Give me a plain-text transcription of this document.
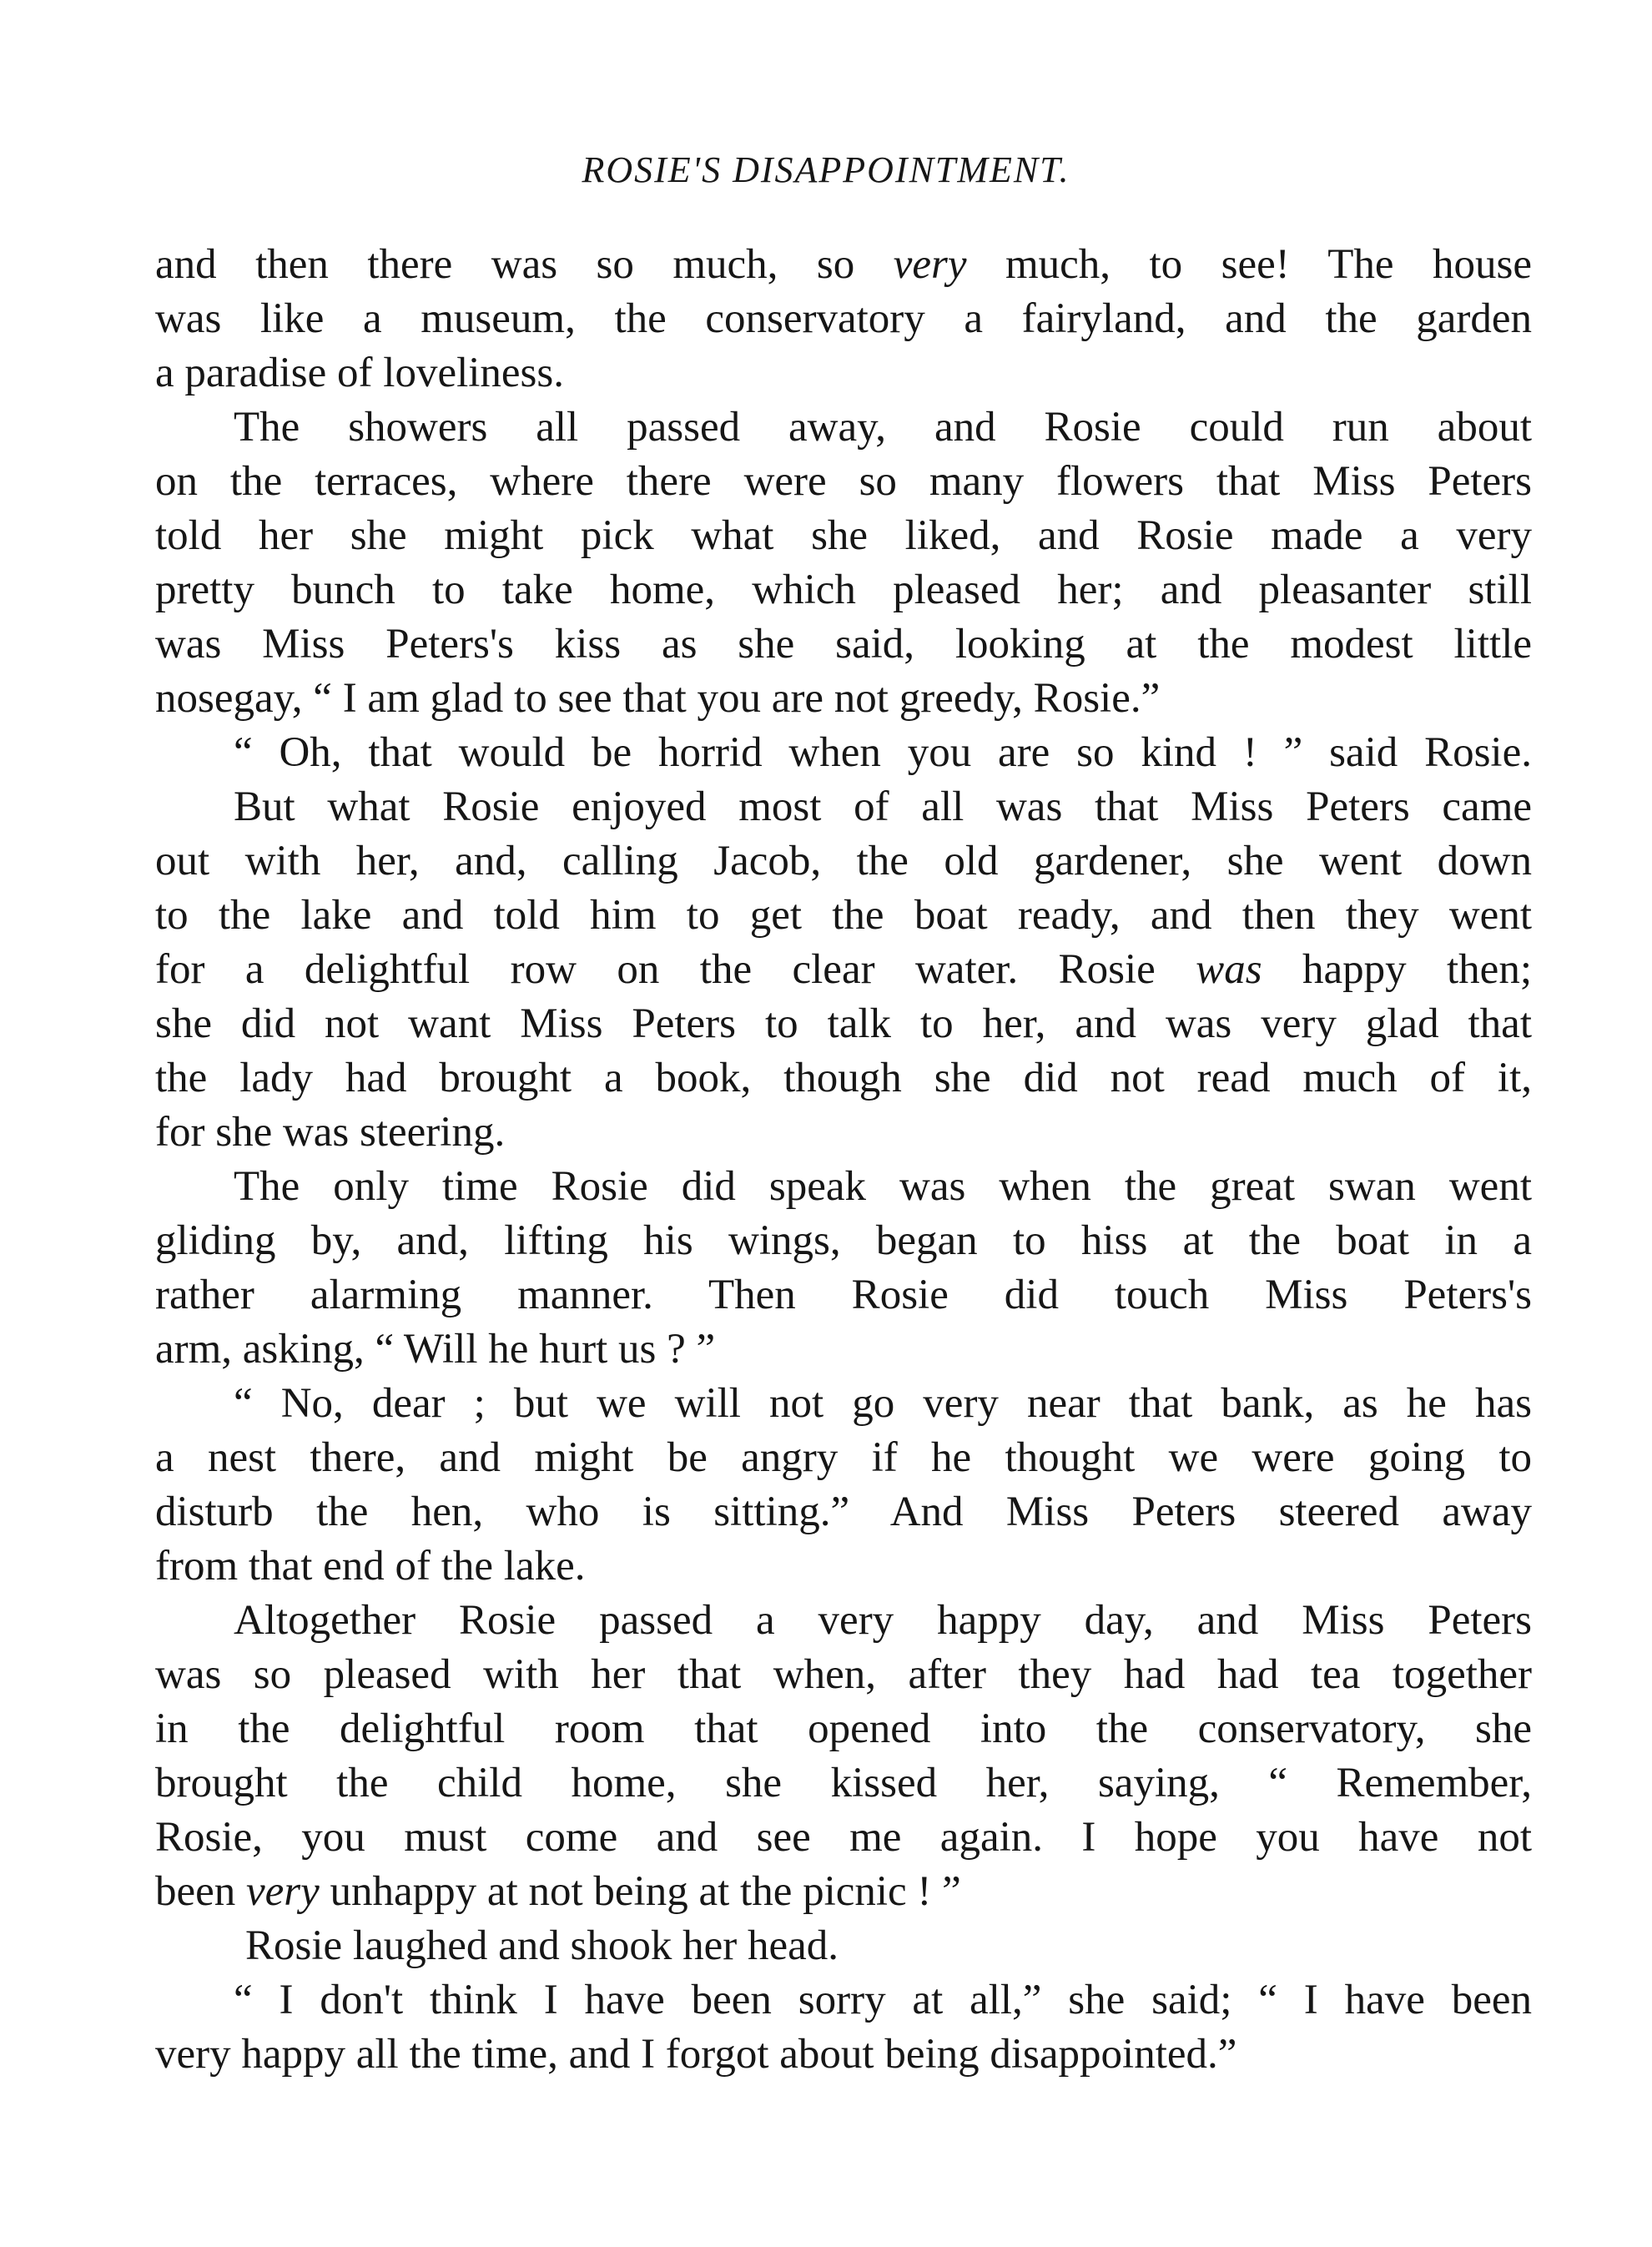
ROSIE'S DISAPPOINTMENT.

and then there was so much, so very much, to see! The house
was like a museum, the conservatory a fairyland, and the garden
a paradise of loveliness.
The showers all passed away, and Rosie could run about
on the terraces, where there were so many flowers that Miss Peters
told her she might pick what she liked, and Rosie made a very
pretty bunch to take home, which pleased her; and pleasanter still
was Miss Peters's kiss as she said, looking at the modest little
nosegay, “ I am glad to see that you are not greedy, Rosie.”
“ Oh, that would be horrid when you are so kind ! ” said Rosie.
But what Rosie enjoyed most of all was that Miss Peters came
out with her, and, calling Jacob, the old gardener, she went down
to the lake and told him to get the boat ready, and then they went
for a delightful row on the clear water. Rosie was happy then;
she did not want Miss Peters to talk to her, and was very glad that
the lady had brought a book, though she did not read much of it,
for she was steering.
The only time Rosie did speak was when the great swan went
gliding by, and, lifting his wings, began to hiss at the boat in a
rather alarming manner. Then Rosie did touch Miss Peters's
arm, asking, “ Will he hurt us ? ”
“ No, dear ; but we will not go very near that bank, as he has
a nest there, and might be angry if he thought we were going to
disturb the hen, who is sitting.” And Miss Peters steered away
from that end of the lake.
Altogether Rosie passed a very happy day, and Miss Peters
was so pleased with her that when, after they had had tea together
in the delightful room that opened into the conservatory, she
brought the child home, she kissed her, saying, “ Remember,
Rosie, you must come and see me again. I hope you have not
been very unhappy at not being at the picnic ! ”
Rosie laughed and shook her head.
“ I don't think I have been sorry at all,” she said; “ I have been
very happy all the time, and I forgot about being disappointed.”
